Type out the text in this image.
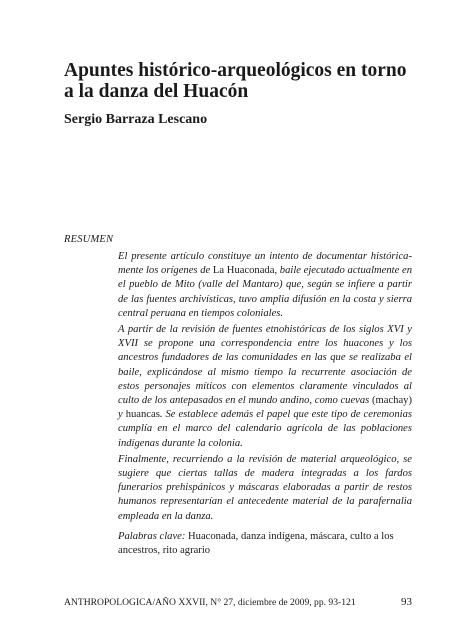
Apuntes histórico-arqueológicos en torno
a la danza del Huacón
Sergio Barraza Lescano
RESUMEN

El presente artículo constituye un intento de documentar histórica-mente los orígenes de La Huaconada, baile ejecutado actualmente en el pueblo de Mito (valle del Mantaro) que, según se infiere a partir de las fuentes archivísticas, tuvo amplia difusión en la costa y sierra central peruana en tiempos coloniales.

A partir de la revisión de fuentes etnohistóricas de los siglos XVI y XVII se propone una correspondencia entre los huacones y los ancestros fundadores de las comunidades en las que se realizaba el baile, explicándose al mismo tiempo la recurrente asociación de estos personajes míticos con elementos claramente vinculados al culto de los antepasados en el mundo andino, como cuevas (machay) y huancas. Se establece además el papel que este tipo de ceremonias cumplía en el marco del calendario agrícola de las poblaciones indígenas durante la colonia.

Finalmente, recurriendo a la revisión de material arqueológico, se sugiere que ciertas tallas de madera integradas a los fardos funerarios prehispánicos y máscaras elaboradas a partir de restos humanos representarían el antecedente material de la parafernalia empleada en la danza.

Palabras clave: Huaconada, danza indígena, máscara, culto a los ancestros, rito agrario

ANTHROPOLOGICA/AÑO XXVII, N° 27, diciembre de 2009, pp. 93-121	93
